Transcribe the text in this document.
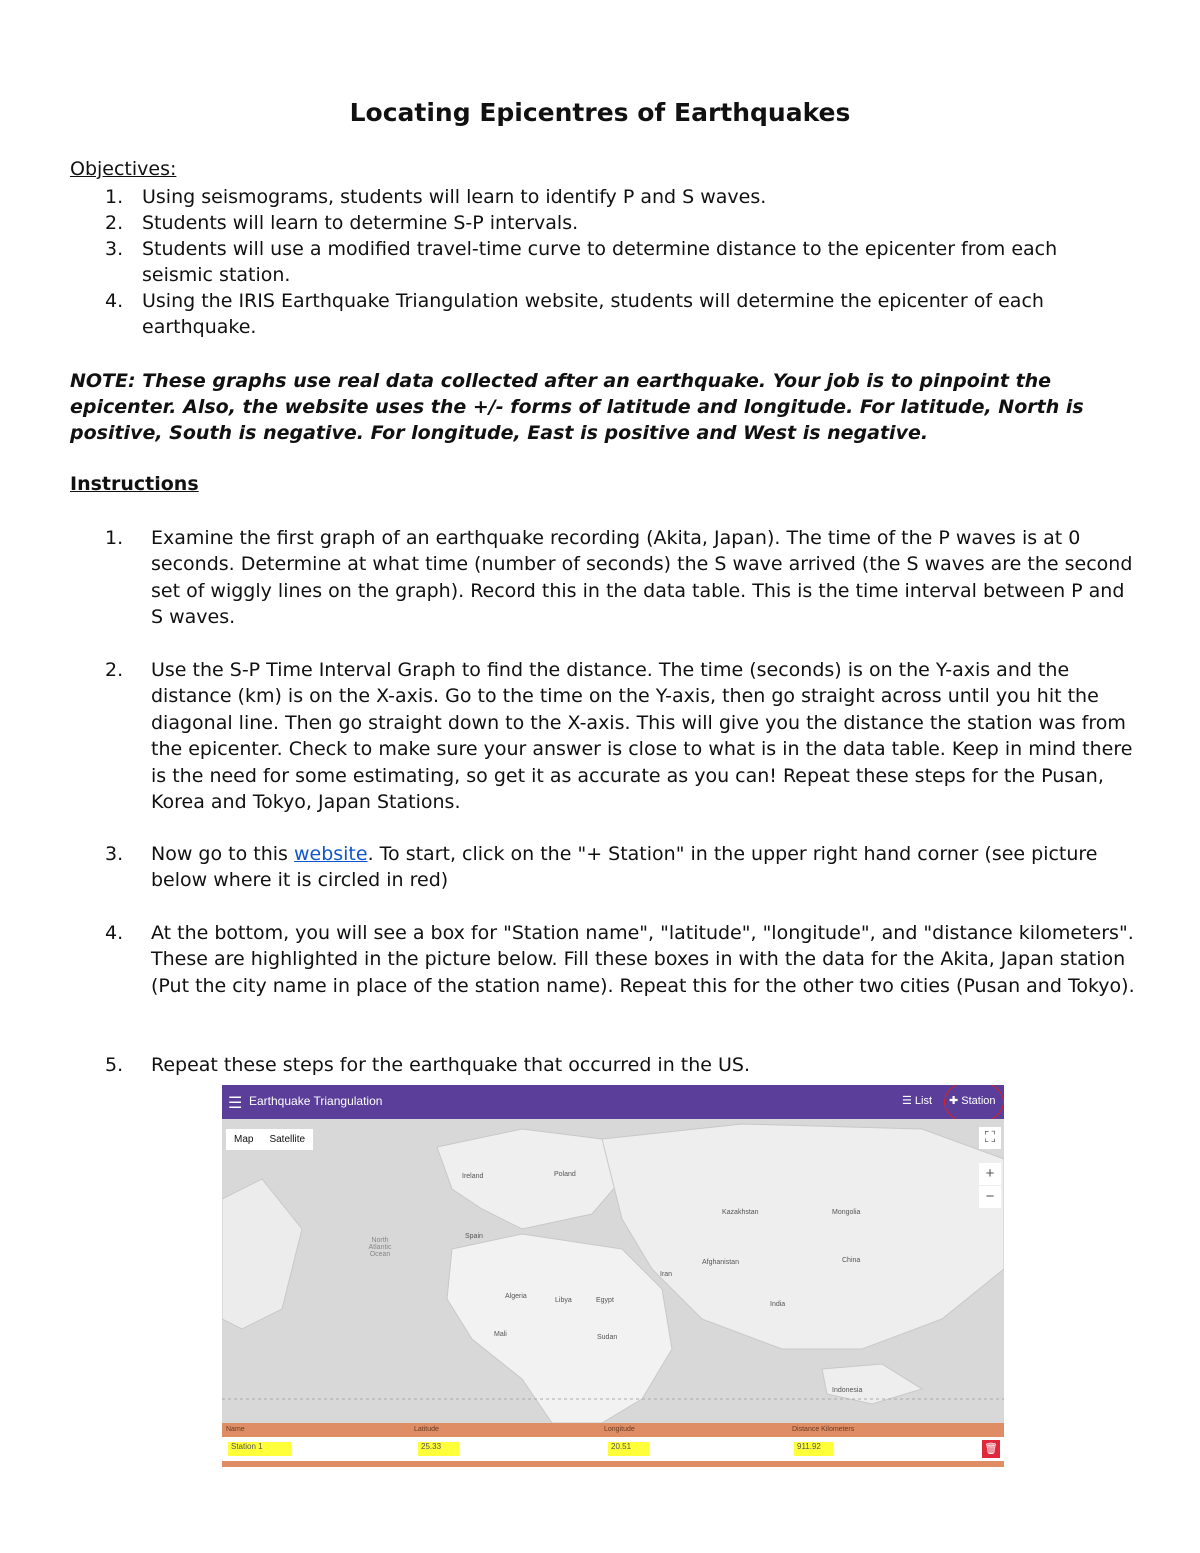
Locating Epicentres of Earthquakes
Objectives:
1. Using seismograms, students will learn to identify P and S waves.
2. Students will learn to determine S-P intervals.
3. Students will use a modified travel-time curve to determine distance to the epicenter from each seismic station.
4. Using the IRIS Earthquake Triangulation website, students will determine the epicenter of each earthquake.

NOTE: These graphs use real data collected after an earthquake. Your job is to pinpoint the epicenter. Also, the website uses the +/- forms of latitude and longitude. For latitude, North is positive, South is negative. For longitude, East is positive and West is negative.

Instructions
1. Examine the first graph of an earthquake recording (Akita, Japan). The time of the P waves is at 0 seconds. Determine at what time (number of seconds) the S wave arrived (the S waves are the second set of wiggly lines on the graph). Record this in the data table. This is the time interval between P and S waves.
2. Use the S-P Time Interval Graph to find the distance. The time (seconds) is on the Y-axis and the distance (km) is on the X-axis. Go to the time on the Y-axis, then go straight across until you hit the diagonal line. Then go straight down to the X-axis. This will give you the distance the station was from the epicenter. Check to make sure your answer is close to what is in the data table. Keep in mind there is the need for some estimating, so get it as accurate as you can! Repeat these steps for the Pusan, Korea and Tokyo, Japan Stations.
3. Now go to this website. To start, click on the "+ Station" in the upper right hand corner (see picture below where it is circled in red)
4. At the bottom, you will see a box for "Station name", "latitude", "longitude", and "distance kilometers". These are highlighted in the picture below. Fill these boxes in with the data for the Akita, Japan station (Put the city name in place of the station name). Repeat this for the other two cities (Pusan and Tokyo).
5. Repeat these steps for the earthquake that occurred in the US.
☰ Earthquake Triangulation	☰ List ✚ Station
North Atlantic Ocean
Ireland	Poland
Spain
Algeria
Libya	Egypt
Mali	Sudan
Kazakhstan	Mongolia
China
India
Afghanistan
Iran
Indonesia
Map Satellite	⛶
+
−
Name	Latitude	Longitude	Distance Kilometers
Station 1	25.33	20.51	911.92	🗑
